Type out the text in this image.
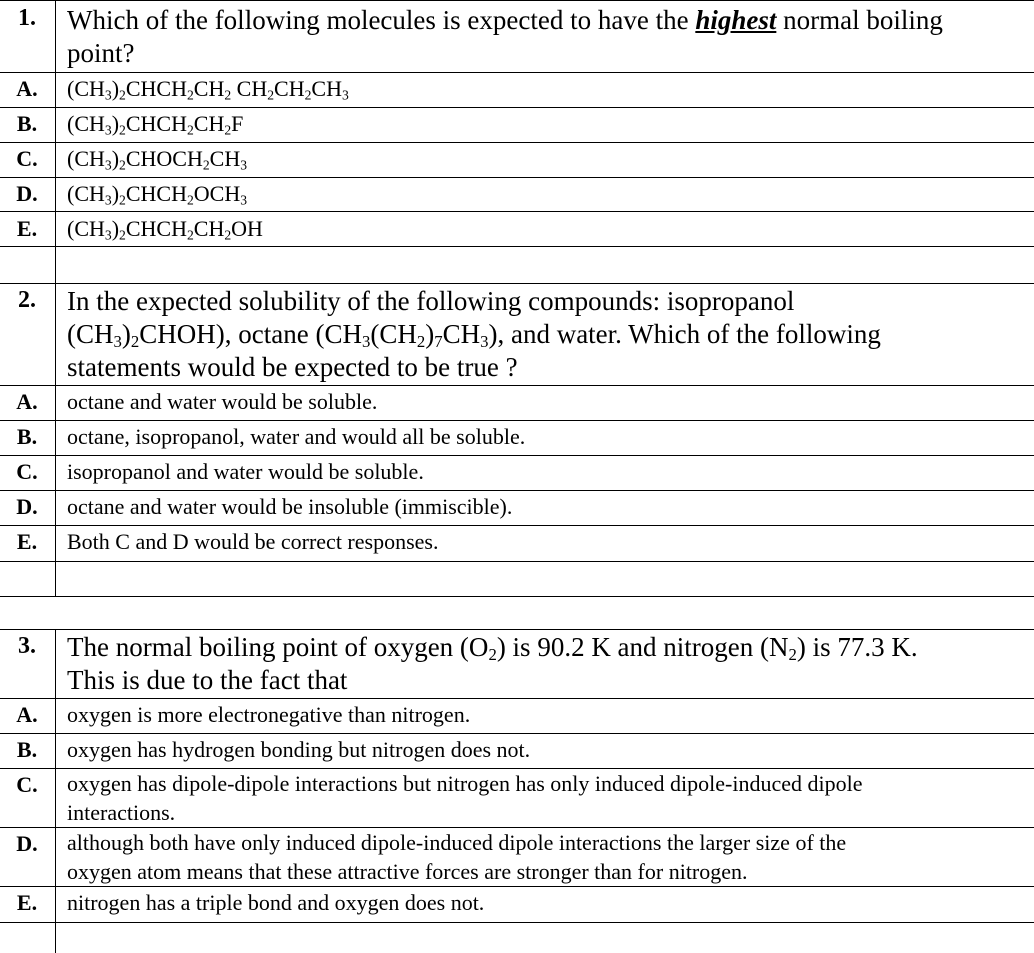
1.	Which of the following molecules is expected to have the highest normal boiling
point?
A.	$(CH_3)_2CHCH_2CH_2$ $CH_2CH_2CH_3$
B.	$(CH_3)_2CHCH_2CH_2F$
C.	$(CH_3)_2CHOCH_2CH_3$
D.	$(CH_3)_2CHCH_2OCH_3$
E.	$(CH_3)_2CHCH_2CH_2OH$
2.	In the expected solubility of the following compounds: isopropanol
$(CH_3)_2CHOH$), octane $(CH_3(CH_2)_7CH_3)$, and water. Which of the following
statements would be expected to be true ?
A.	octane and water would be soluble.
B.	octane, isopropanol, water and would all be soluble.
C.	isopropanol and water would be soluble.
D.	octane and water would be insoluble (immiscible).
E.	Both C and D would be correct responses.
3.	The normal boiling point of oxygen $(O_2)$ is 90.2 K and nitrogen $(N_2)$ is 77.3 K.
This is due to the fact that
A.	oxygen is more electronegative than nitrogen.
B.	oxygen has hydrogen bonding but nitrogen does not.
C.	oxygen has dipole-dipole interactions but nitrogen has only induced dipole-induced dipole
interactions.
D.	although both have only induced dipole-induced dipole interactions the larger size of the
oxygen atom means that these attractive forces are stronger than for nitrogen.
E.	nitrogen has a triple bond and oxygen does not.
